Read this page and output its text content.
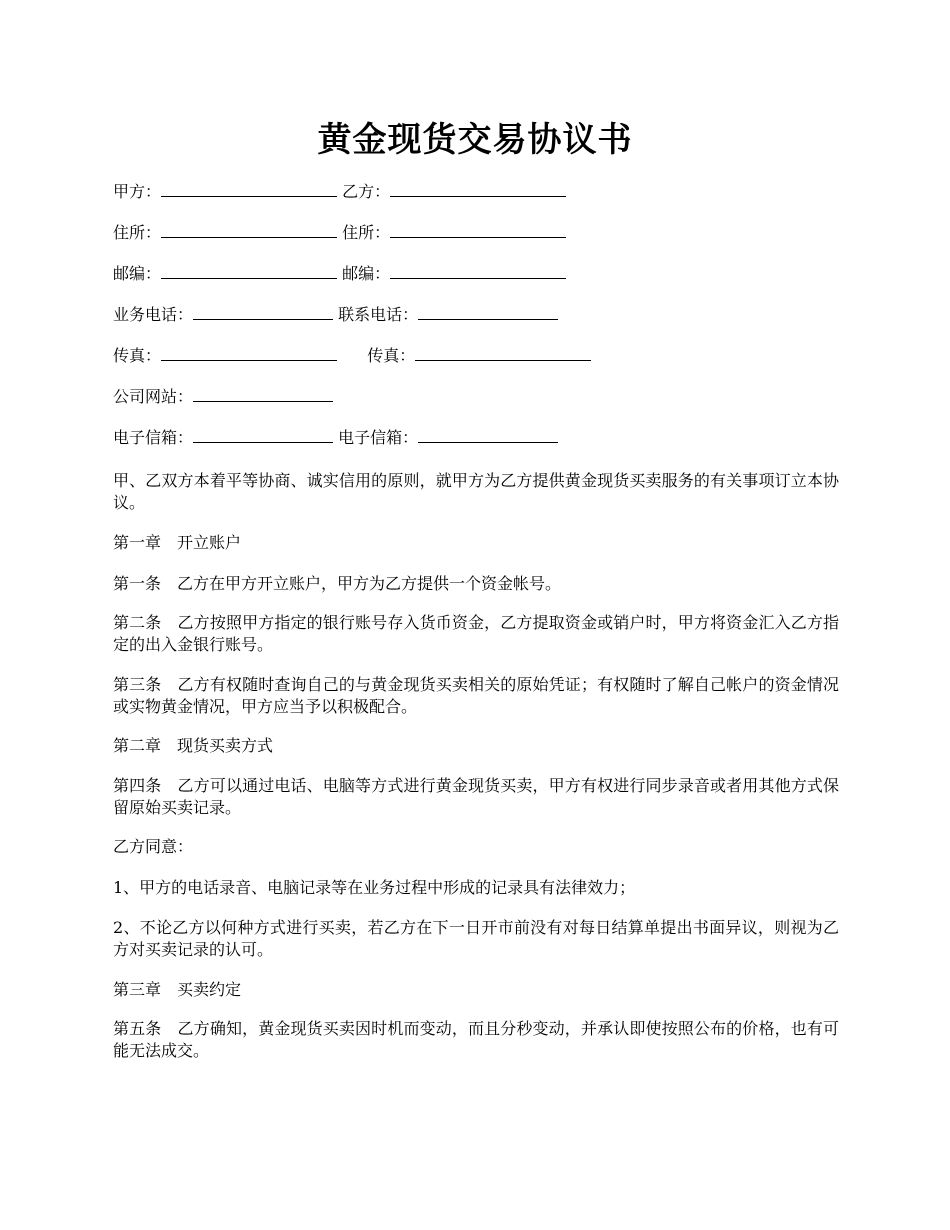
黄金现货交易协议书
甲方：	乙方：
住所：	住所：
邮编：	邮编：
业务电话：	联系电话：
传真：	传真：
公司网站：
电子信箱：	电子信箱：
甲、乙双方本着平等协商、诚实信用的原则，就甲方为乙方提供黄金现货买卖服务的有关事项订立本协议。
第一章　开立账户
第一条　乙方在甲方开立账户，甲方为乙方提供一个资金帐号。
第二条　乙方按照甲方指定的银行账号存入货币资金，乙方提取资金或销户时，甲方将资金汇入乙方指定的出入金银行账号。
第三条　乙方有权随时查询自己的与黄金现货买卖相关的原始凭证；有权随时了解自己帐户的资金情况或实物黄金情况，甲方应当予以积极配合。
第二章　现货买卖方式
第四条　乙方可以通过电话、电脑等方式进行黄金现货买卖，甲方有权进行同步录音或者用其他方式保留原始买卖记录。
乙方同意：
1、甲方的电话录音、电脑记录等在业务过程中形成的记录具有法律效力；
2、不论乙方以何种方式进行买卖，若乙方在下一日开市前没有对每日结算单提出书面异议，则视为乙方对买卖记录的认可。
第三章　买卖约定
第五条　乙方确知，黄金现货买卖因时机而变动，而且分秒变动，并承认即使按照公布的价格，也有可能无法成交。
